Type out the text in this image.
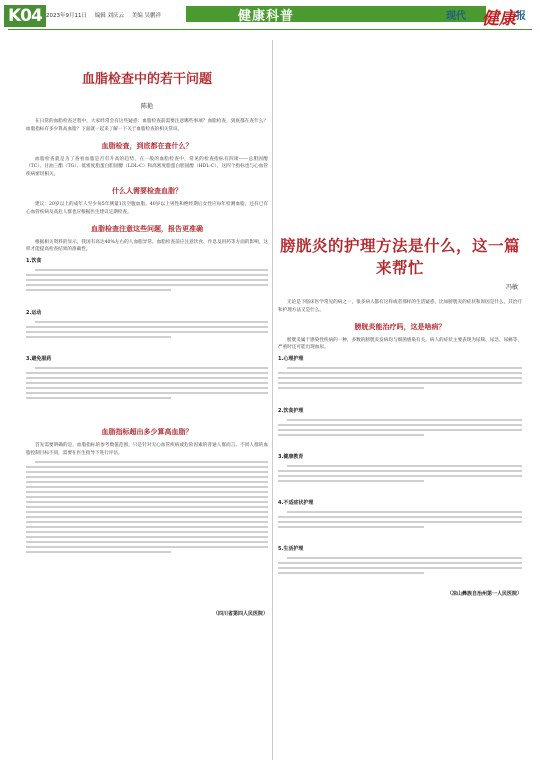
K04 2023年9月11日 编辑 刘庆云 美编 吴鹏祥	健康科普	现代 健康 报
血脂检查中的若干问题
陈艳

在日常的血脂检查过程中，大家经常会有这些疑惑：血脂检查前需要注意哪些事项？血脂检查，到底都在查什么？血脂指标有多少算高血脂？下面就一起来了解一下关于血脂检查的相关常识。

血脂检查，到底都在查什么？

血脂检查就是为了查看血脂是否有升高的趋势，在一般的血脂检查中，常见的检查指标有四项——总胆固醇（TC）、甘油三酯（TG）、低密度脂蛋白胆固醇（LDL-C）和高密度脂蛋白胆固醇（HDL-C），这四个指标也与心血管疾病密切相关。

什么人需要检查血脂？

建议：20岁以上的成年人至少每5年测量1次空腹血脂。40岁以上男性和绝经期后女性应每年检测血脂。还有已有心血管疾病及高危人群也应根据医生建议定期检查。

血脂检查注意这些问题，报告更准确

根据相关资料的显示，我国有高达40%左右的人血脂异常。血脂检查前应注意饮食、作息及用药等方面的影响，这样才能提高检查结果的准确性。

1.饮食
2.运动
3.避免服药
血脂指标超出多少算高血脂？

首先需要明确的是，血脂指标的参考数值范围，只是针对无心血管疾病或危险因素的普通人群而言。不同人群的血脂控制目标不同，需要在医生指导下进行评估。

（四川省第四人民医院）
膀胱炎的护理方法是什么，这一篇来帮忙
冯敏

无论是下临床医学常见的病之一，很多病人都有这样或者那样的生活疑惑，比如膀胱炎的症状和原因是什么，其治疗和护理方法又是什么。

膀胱炎能治疗吗，这是啥病？

膀胱炎属于感染性疾病的一种，多数的膀胱炎发病均与细菌感染有关。病人的症状主要表现为尿频、尿急、尿痛等，严重时还可能出现血尿。

1.心理护理
2.饮食护理
3.健康教育
4.不适症状护理
5.生活护理
（凉山彝族自治州第一人民医院）
